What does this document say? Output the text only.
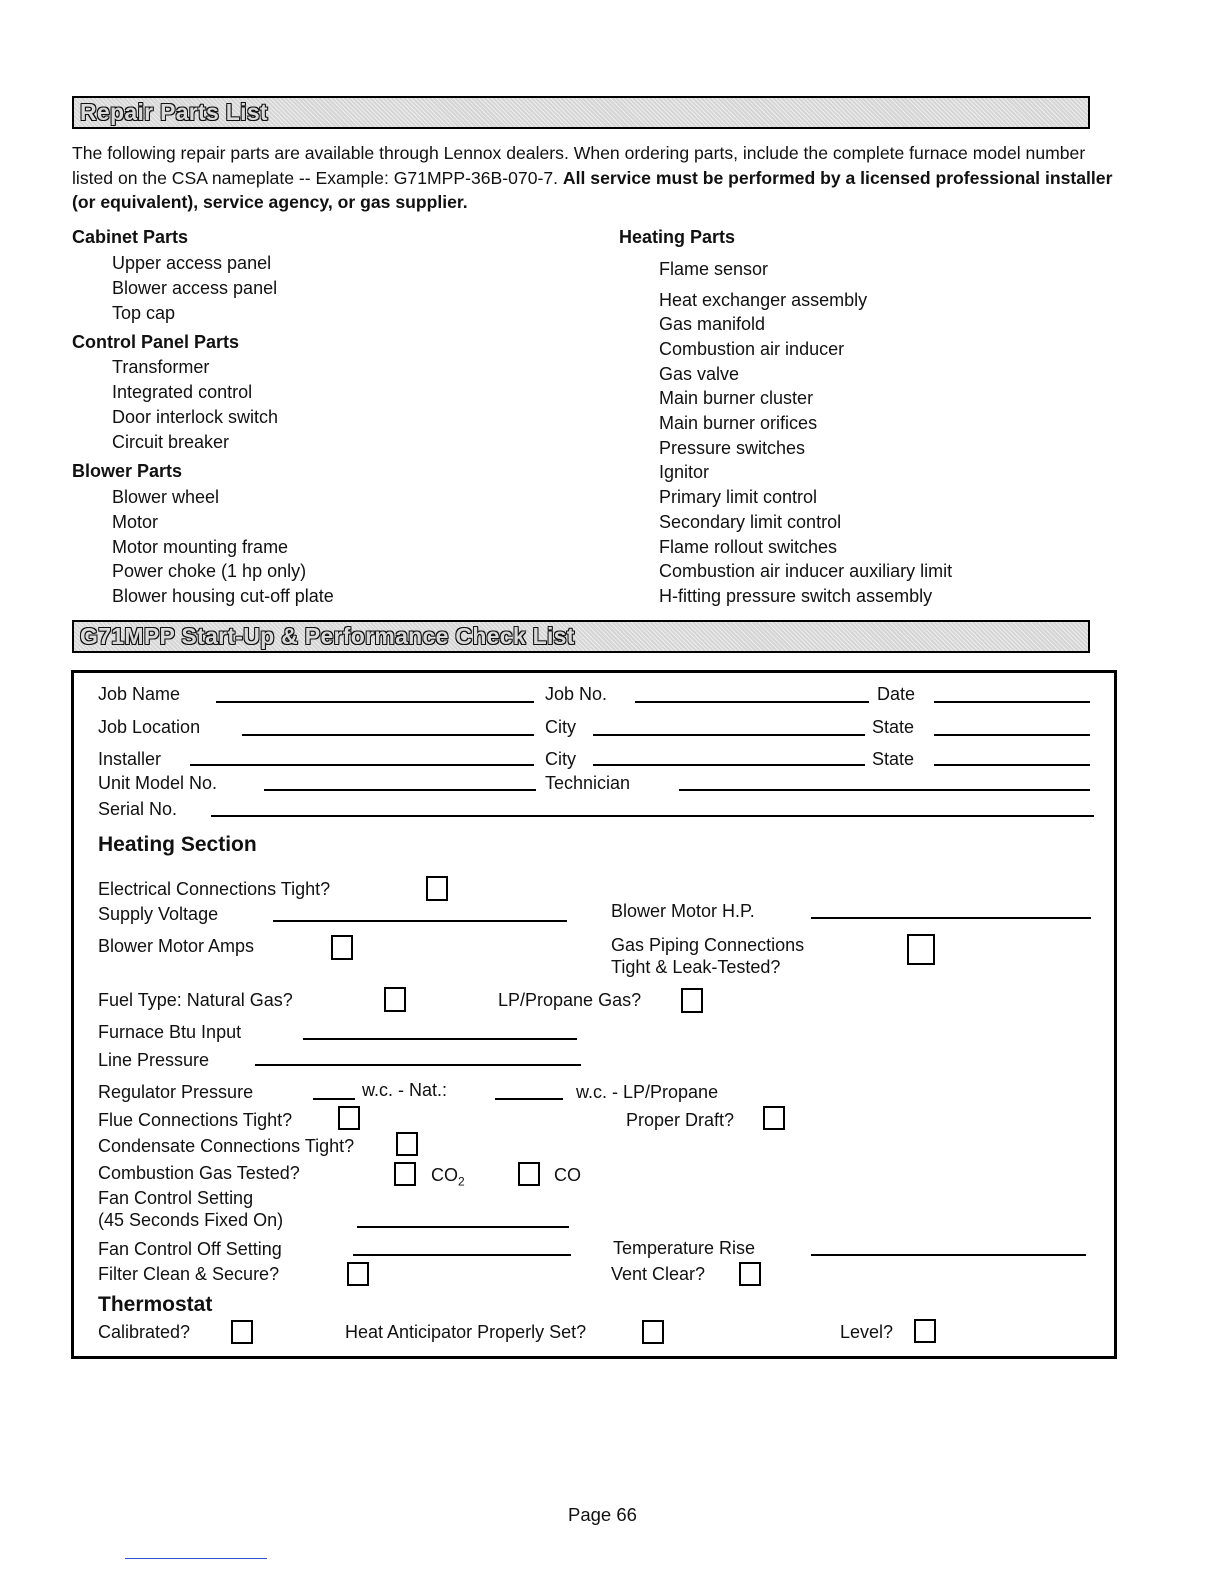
Repair Parts List

The following repair parts are available through Lennox dealers. When ordering parts, include the complete furnace model number listed on the CSA nameplate -- Example: G71MPP-36B-070-7. All service must be performed by a licensed professional installer (or equivalent), service agency, or gas supplier.

Cabinet Parts
Upper access panel
Blower access panel
Top cap
Control Panel Parts
Transformer
Integrated control
Door interlock switch
Circuit breaker
Blower Parts
Blower wheel
Motor
Motor mounting frame
Power choke (1 hp only)
Blower housing cut-off plate
Heating Parts
Flame sensor
Heat exchanger assembly
Gas manifold
Combustion air inducer
Gas valve
Main burner cluster
Main burner orifices
Pressure switches
Ignitor
Primary limit control
Secondary limit control
Flame rollout switches
Combustion air inducer auxiliary limit
H-fitting pressure switch assembly
G71MPP Start-Up & Performance Check List
Job Name	Job No.	Date
Job Location	City	State
Installer	City	State
Unit Model No.	Technician
Serial No.
Heating Section
Electrical Connections Tight?
Supply Voltage	Blower Motor H.P.
Blower Motor Amps	Gas Piping Connections
Tight & Leak-Tested?
Fuel Type: Natural Gas?	LP/Propane Gas?
Furnace Btu Input
Line Pressure
Regulator Pressure	w.c. - Nat.:	w.c. - LP/Propane
Flue Connections Tight?	Proper Draft?
Condensate Connections Tight?
Combustion Gas Tested?	$CO_2$	CO
Fan Control Setting
(45 Seconds Fixed On)
Fan Control Off Setting	Temperature Rise
Filter Clean & Secure?	Vent Clear?
Thermostat
Calibrated?	Heat Anticipator Properly Set?	Level?
Page 66
